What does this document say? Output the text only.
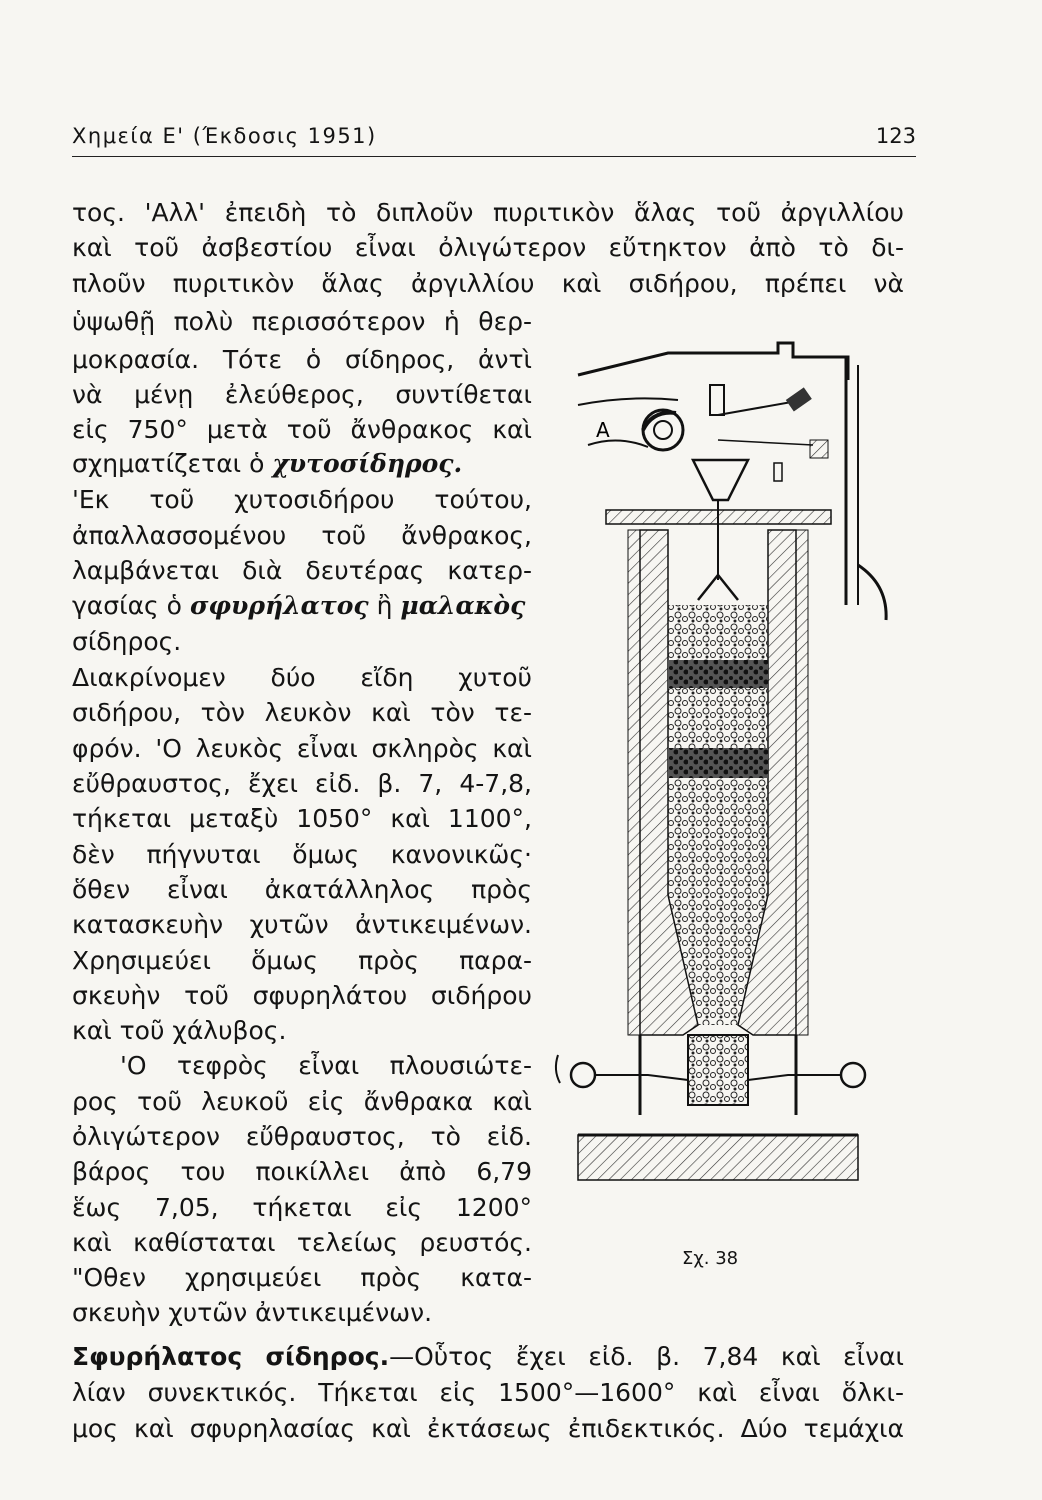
Χημεία Ε' (Έκδοσις 1951)	123
τος. 'Αλλ' ἐπειδὴ τὸ διπλοῦν πυριτικὸν ἅλας τοῦ ἀργιλλίου
καὶ τοῦ ἀσβεστίου εἶναι ὀλιγώτερον εὔτηκτον ἀπὸ τὸ δι-
πλοῦν πυριτικὸν ἅλας ἀργιλλίου καὶ σιδήρου, πρέπει νὰ
ὑψωθῇ πολὺ περισσότερον ἡ θερ-
μοκρασία. Τότε ὁ σίδηρος, ἀντὶ
νὰ μένῃ ἐλεύθερος, συντίθεται
εἰς 750° μετὰ τοῦ ἄνθρακος καὶ
σχηματίζεται ὁ χυτοσίδηρος.
'Εκ τοῦ χυτοσιδήρου τούτου,
ἀπαλλασσομένου τοῦ ἄνθρακος,
λαμβάνεται διὰ δευτέρας κατερ-
γασίας ὁ σφυρήλατος ἢ μαλακὸς
σίδηρος.
Διακρίνομεν δύο εἴδη χυτοῦ
σιδήρου, τὸν λευκὸν καὶ τὸν τε-
φρόν. 'Ο λευκὸς εἶναι σκληρὸς καὶ
εὔθραυστος, ἔχει εἰδ. β. 7, 4-7,8,
τήκεται μεταξὺ 1050° καὶ 1100°,
δὲν πήγνυται ὅμως κανονικῶς·
ὅθεν εἶναι ἀκατάλληλος πρὸς
κατασκευὴν χυτῶν ἀντικειμένων.
Χρησιμεύει ὅμως πρὸς παρα-
σκευὴν τοῦ σφυρηλάτου σιδήρου
καὶ τοῦ χάλυβος.
'Ο τεφρὸς εἶναι πλουσιώτε-
ρος τοῦ λευκοῦ εἰς ἄνθρακα καὶ
ὀλιγώτερον εὔθραυστος, τὸ εἰδ.
βάρος του ποικίλλει ἀπὸ 6,79
ἕως 7,05, τήκεται εἰς 1200°
καὶ καθίσταται τελείως ρευστός.
"Οθεν χρησιμεύει πρὸς κατα-
σκευὴν χυτῶν ἀντικειμένων.
Σφυρήλατος σίδηρος.—Οὗτος ἔχει εἰδ. β. 7,84 καὶ εἶναι
λίαν συνεκτικός. Τήκεται εἰς 1500°—1600° καὶ εἶναι ὅλκι-
μος καὶ σφυρηλασίας καὶ ἐκτάσεως ἐπιδεκτικός. Δύο τεμάχια
A
Σχ. 38
